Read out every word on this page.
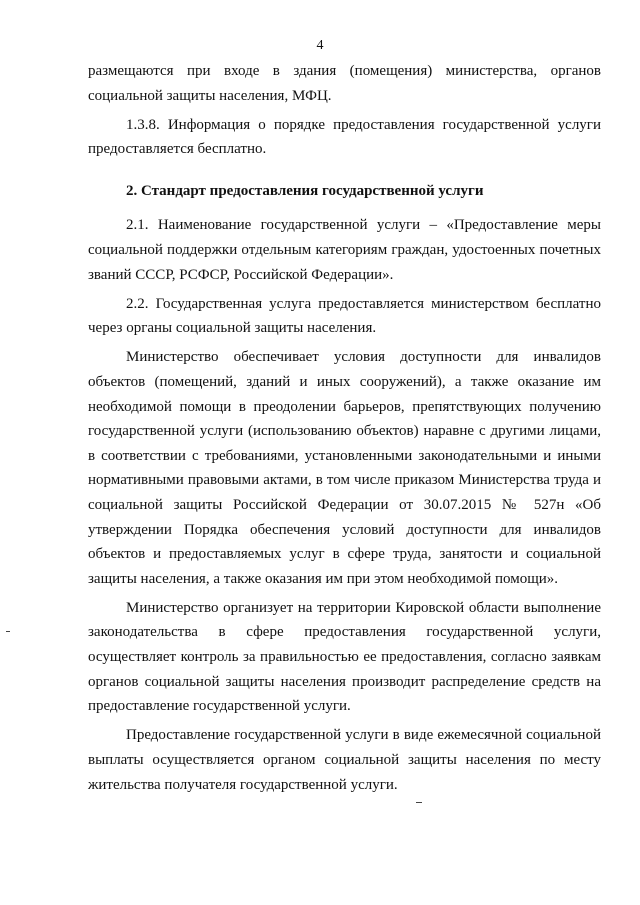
4

размещаются при входе в здания (помещения) министерства, органов социальной защиты населения, МФЦ.

1.3.8. Информация о порядке предоставления государственной услуги предоставляется бесплатно.

2. Стандарт предоставления государственной услуги

2.1. Наименование государственной услуги – «Предоставление меры социальной поддержки отдельным категориям граждан, удостоенных почетных званий СССР, РСФСР, Российской Федерации».

2.2. Государственная услуга предоставляется министерством бесплатно через органы социальной защиты населения.

Министерство обеспечивает условия доступности для инвалидов объектов (помещений, зданий и иных сооружений), а также оказание им необходимой помощи в преодолении барьеров, препятствующих получению государственной услуги (использованию объектов) наравне с другими лицами, в соответствии с требованиями, установленными законодательными и иными нормативными правовыми актами, в том числе приказом Министерства труда и социальной защиты Российской Федерации от 30.07.2015 № 527н «Об утверждении Порядка обеспечения условий доступности для инвалидов объектов и предоставляемых услуг в сфере труда, занятости и социальной защиты населения, а также оказания им при этом необходимой помощи».

Министерство организует на территории Кировской области выполнение законодательства в сфере предоставления государственной услуги, осуществляет контроль за правильностью ее предоставления, согласно заявкам органов социальной защиты населения производит распределение средств на предоставление государственной услуги.

Предоставление государственной услуги в виде ежемесячной социальной выплаты осуществляется органом социальной защиты населения по месту жительства получателя государственной услуги.
